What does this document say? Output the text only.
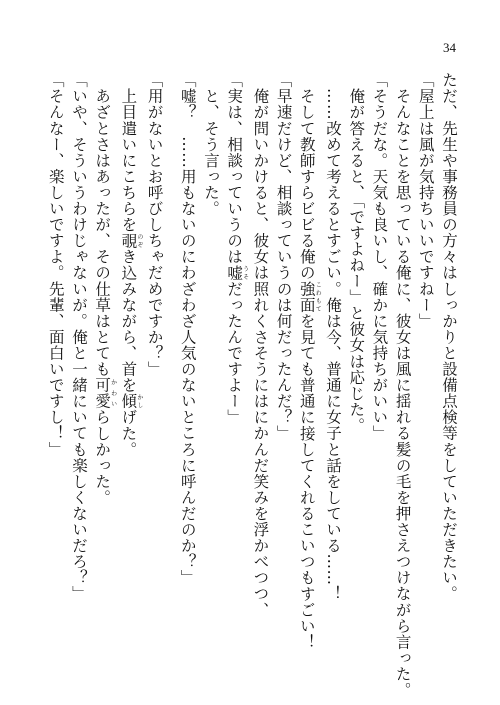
34
ただ、先生や事務員の方々はしっかりと設備点検等をしていただきたい。
「屋上は風が気持ちいいですねー」
　そんなことを思っている俺に、彼女は風に揺れる髪の毛を押さえつけながら言った。
「そうだな。天気も良いし、確かに気持ちがいい」
　俺が答えると、「ですよねー」と彼女は応じた。
　……改めて考えるとすごい。俺は今、普通に女子と話をしている……！
　そして教師すらビビる俺の強面こわもてを見ても普通に接してくれるこいつもすごい！
「早速だけど、相談っていうのは何だったんだ？」
　俺が問いかけると、彼女は照れくさそうにはにかんだ笑みを浮かべつつ、
「実は、相談っていうのは嘘うそだったんですよー」
　と、そう言った。
「嘘？　……用もないのにわざわざ人気のないところに呼んだのか？」
「用がないとお呼びしちゃだめですか？」
　上目遣いにこちらを覗のぞき込みながら、首を傾かしげた。
　あざとさはあったが、その仕草はとても可愛かわいらしかった。
「いや、そういうわけじゃないが。俺と一緒にいても楽しくないだろ？」
「そんなー、楽しいですよ。先輩、面白いですし！」
